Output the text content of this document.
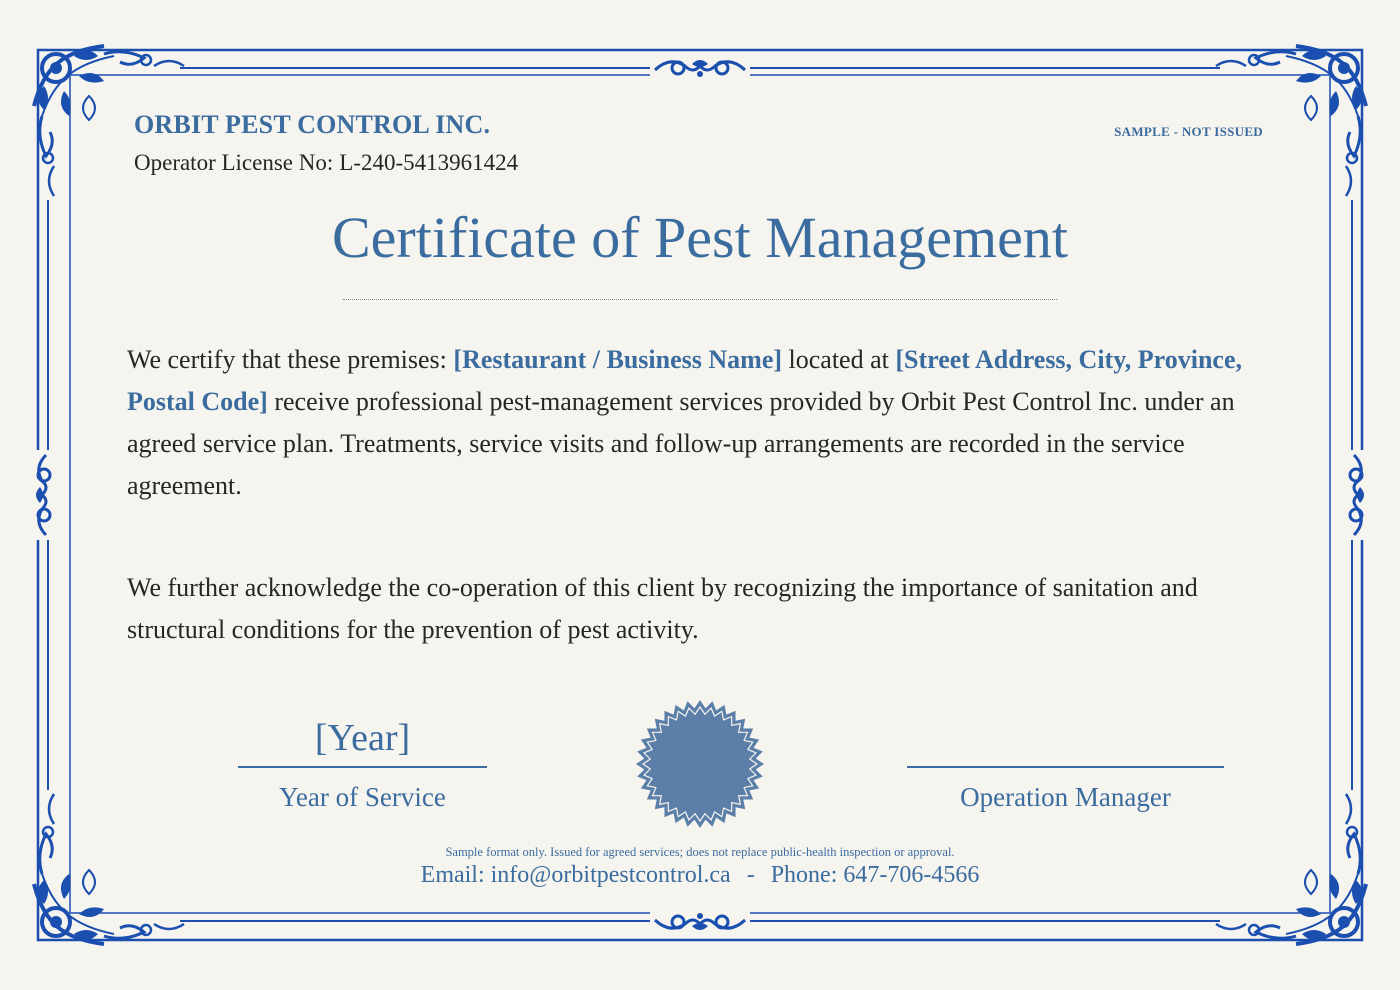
ORBIT PEST CONTROL INC.
Operator License No: L-240-5413961424
SAMPLE - NOT ISSUED
Certificate of Pest Management
We certify that these premises: [Restaurant / Business Name] located at [Street Address, City, Province, Postal Code] receive professional pest-management services provided by Orbit Pest Control Inc. under an agreed service plan. Treatments, service visits and follow-up arrangements are recorded in the service agreement.
We further acknowledge the co-operation of this client by recognizing the importance of sanitation and structural conditions for the prevention of pest activity.
[Year]
Year of Service	Operation Manager
Sample format only. Issued for agreed services; does not replace public-health inspection or approval.
Email: info@orbitpestcontrol.ca - Phone: 647-706-4566
